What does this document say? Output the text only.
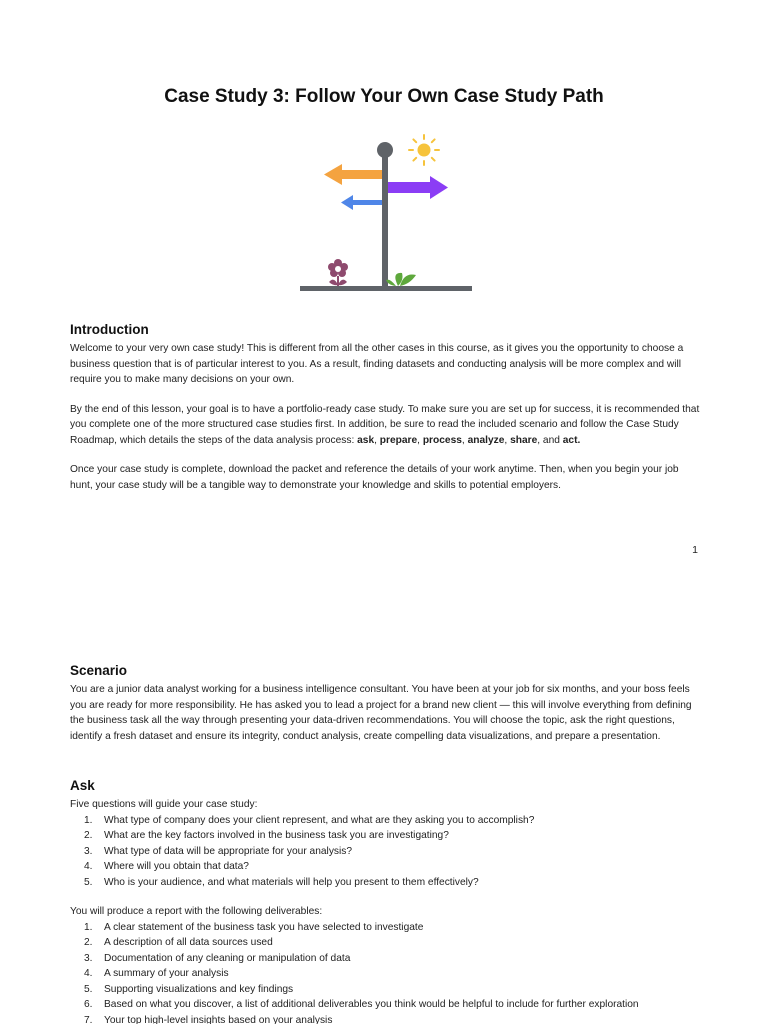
Case Study 3: Follow Your Own Case Study Path
Introduction

Welcome to your very own case study! This is different from all the other cases in this course, as it gives you the opportunity to choose a business question that is of particular interest to you. As a result, finding datasets and conducting analysis will be more complex and will require you to make many decisions on your own.

By the end of this lesson, your goal is to have a portfolio-ready case study. To make sure you are set up for success, it is recommended that you complete one of the more structured case studies first. In addition, be sure to read the included scenario and follow the Case Study Roadmap, which details the steps of the data analysis process: ask, prepare, process, analyze, share, and act.

Once your case study is complete, download the packet and reference the details of your work anytime. Then, when you begin your job hunt, your case study will be a tangible way to demonstrate your knowledge and skills to potential employers.

1
Scenario

You are a junior data analyst working for a business intelligence consultant. You have been at your job for six months, and your boss feels you are ready for more responsibility. He has asked you to lead a project for a brand new client — this will involve everything from defining the business task all the way through presenting your data-driven recommendations. You will choose the topic, ask the right questions, identify a fresh dataset and ensure its integrity, conduct analysis, create compelling data visualizations, and prepare a presentation.

Ask

Five questions will guide your case study:

1.	What type of company does your client represent, and what are they asking you to accomplish?
2.	What are the key factors involved in the business task you are investigating?
3.	What type of data will be appropriate for your analysis?
4.	Where will you obtain that data?
5.	Who is your audience, and what materials will help you present to them effectively?

You will produce a report with the following deliverables:

1.	A clear statement of the business task you have selected to investigate
2.	A description of all data sources used
3.	Documentation of any cleaning or manipulation of data
4.	A summary of your analysis
5.	Supporting visualizations and key findings
6.	Based on what you discover, a list of additional deliverables you think would be helpful to include for further exploration
7.	Your top high-level insights based on your analysis
